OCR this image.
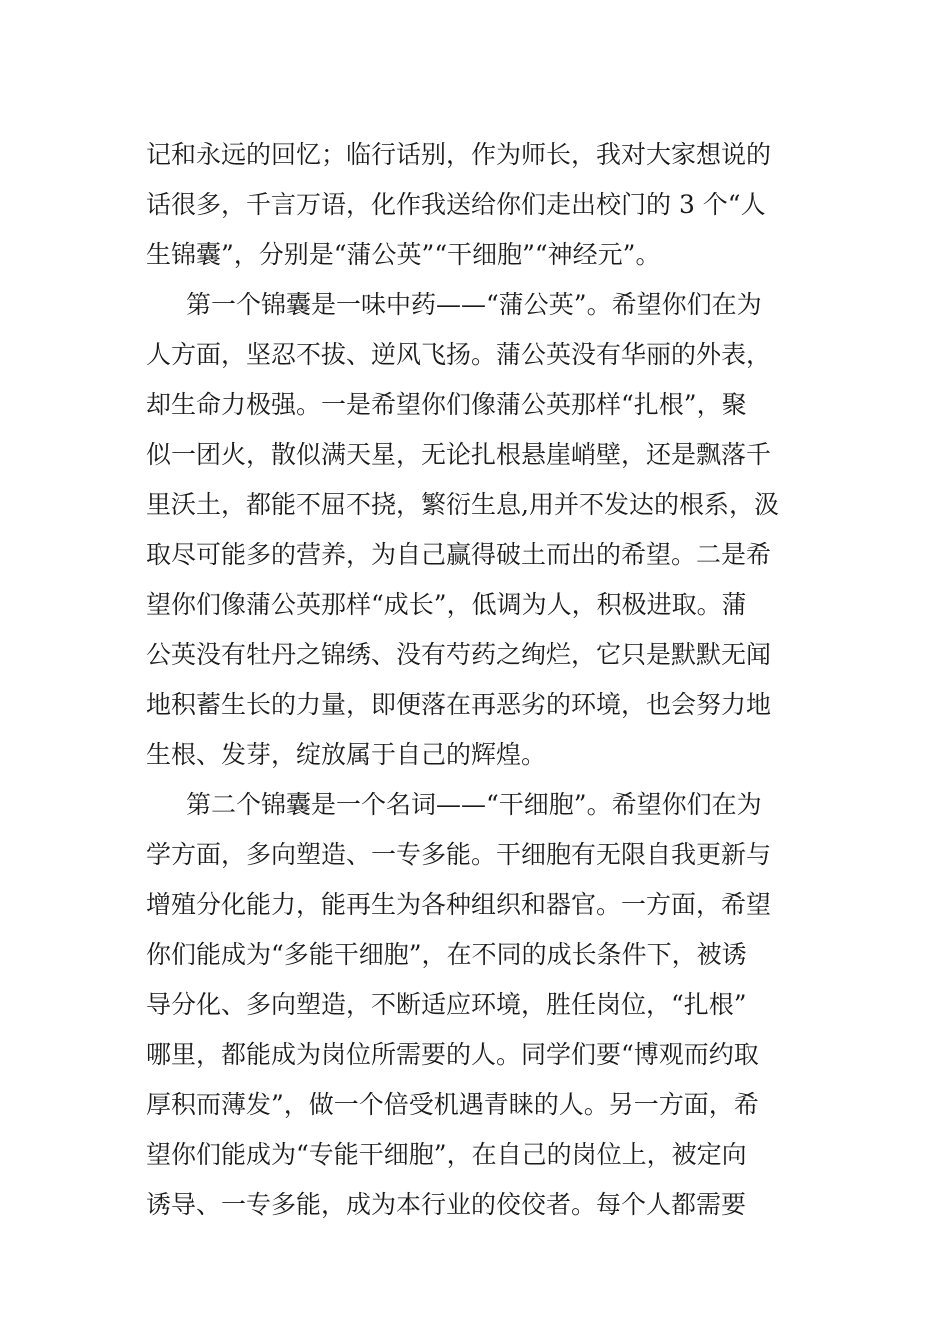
记和永远的回忆；临行话别，作为师长，我对大家想说的
话很多，千言万语，化作我送给你们走出校门的 3 个“人
生锦囊”，分别是“蒲公英”“干细胞”“神经元”。
第一个锦囊是一味中药——“蒲公英”。希望你们在为
人方面，坚忍不拔、逆风飞扬。蒲公英没有华丽的外表，
却生命力极强。一是希望你们像蒲公英那样“扎根”，聚
似一团火，散似满天星，无论扎根悬崖峭壁，还是飘落千
里沃土，都能不屈不挠，繁衍生息,用并不发达的根系，汲
取尽可能多的营养，为自己赢得破土而出的希望。二是希
望你们像蒲公英那样“成长”，低调为人，积极进取。蒲
公英没有牡丹之锦绣、没有芍药之绚烂，它只是默默无闻
地积蓄生长的力量，即便落在再恶劣的环境，也会努力地
生根、发芽，绽放属于自己的辉煌。
第二个锦囊是一个名词——“干细胞”。希望你们在为
学方面，多向塑造、一专多能。干细胞有无限自我更新与
增殖分化能力，能再生为各种组织和器官。一方面，希望
你们能成为“多能干细胞”，在不同的成长条件下，被诱
导分化、多向塑造，不断适应环境，胜任岗位，“扎根”
哪里，都能成为岗位所需要的人。同学们要“博观而约取
厚积而薄发”，做一个倍受机遇青睐的人。另一方面，希
望你们能成为“专能干细胞”，在自己的岗位上，被定向
诱导、一专多能，成为本行业的佼佼者。每个人都需要
